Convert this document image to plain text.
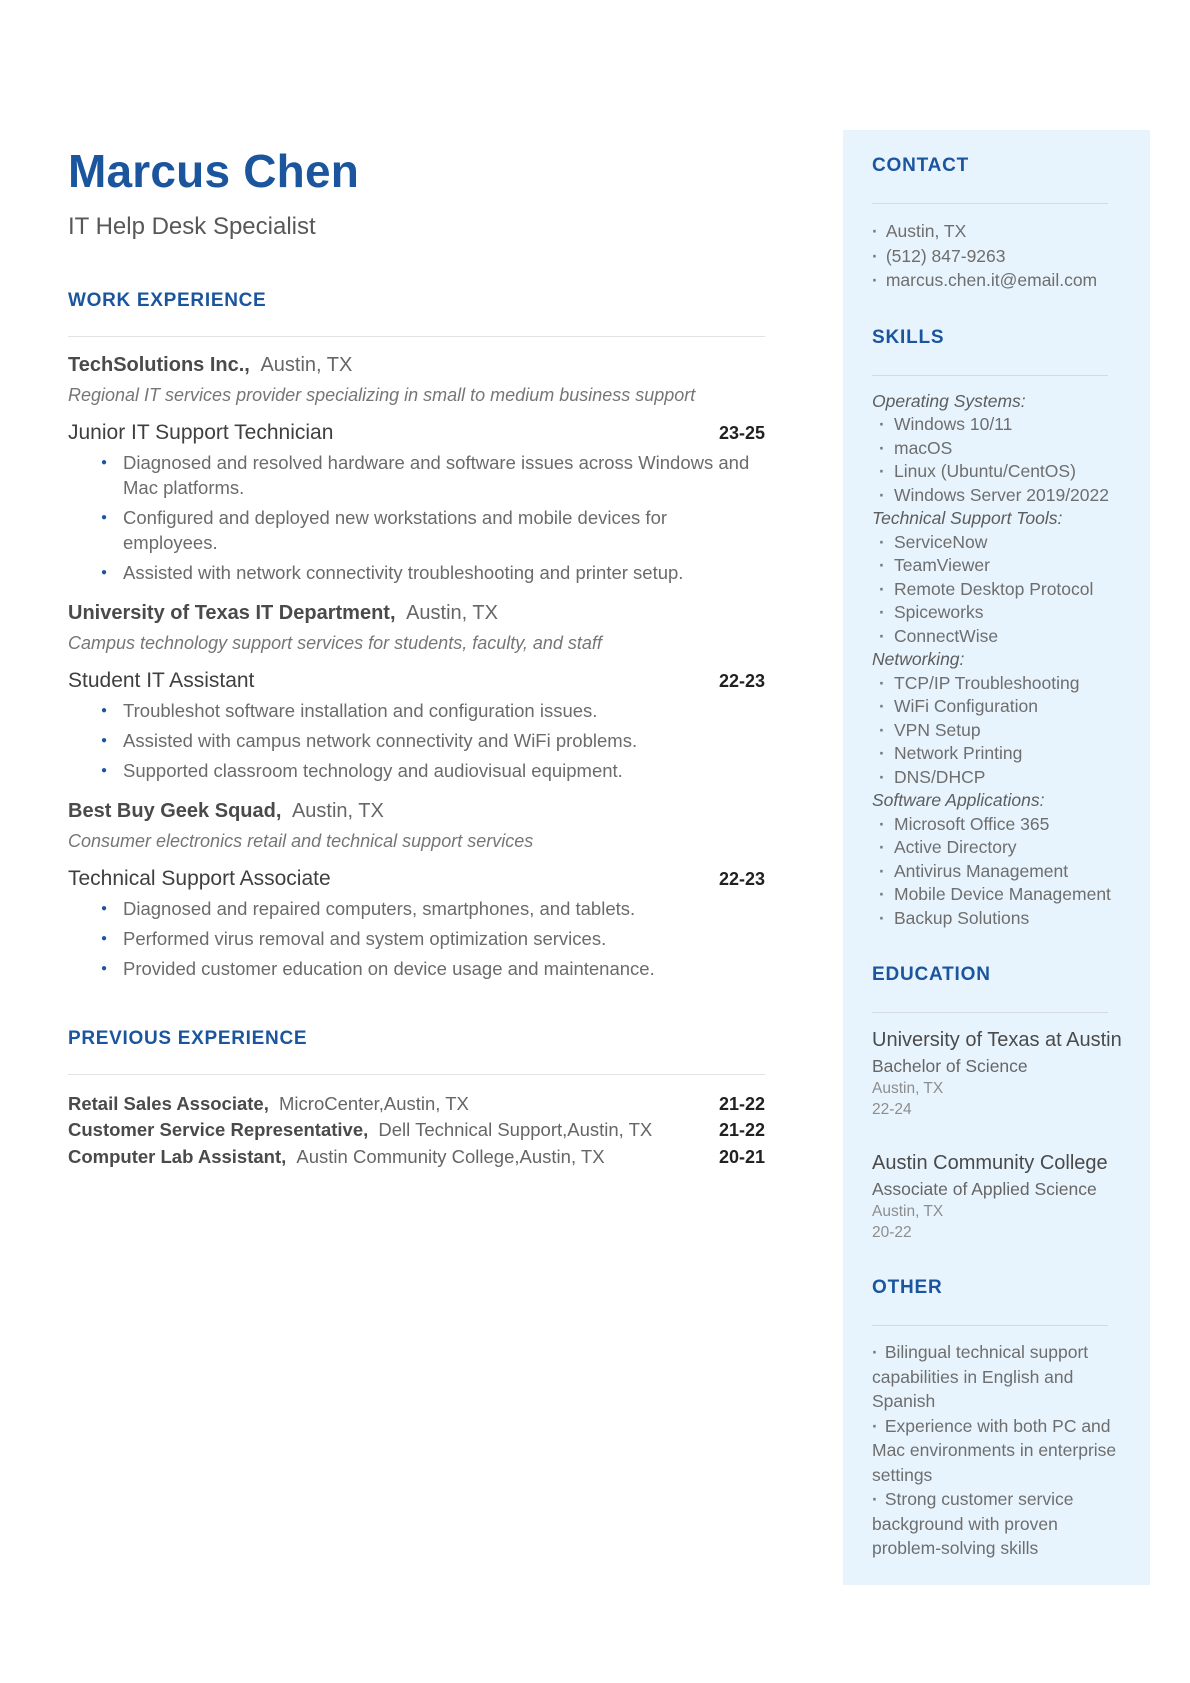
Marcus Chen
IT Help Desk Specialist
WORK EXPERIENCE
TechSolutions Inc., Austin, TX
Regional IT services provider specializing in small to medium business support
Junior IT Support Technician	23-25
● Diagnosed and resolved hardware and software issues across Windows and Mac platforms.
● Configured and deployed new workstations and mobile devices for employees.
● Assisted with network connectivity troubleshooting and printer setup.
University of Texas IT Department, Austin, TX
Campus technology support services for students, faculty, and staff
Student IT Assistant	22-23
● Troubleshot software installation and configuration issues.
● Assisted with campus network connectivity and WiFi problems.
● Supported classroom technology and audiovisual equipment.
Best Buy Geek Squad, Austin, TX
Consumer electronics retail and technical support services
Technical Support Associate	22-23
● Diagnosed and repaired computers, smartphones, and tablets.
● Performed virus removal and system optimization services.
● Provided customer education on device usage and maintenance.
PREVIOUS EXPERIENCE
Retail Sales Associate, MicroCenter,Austin, TX	21-22
Customer Service Representative, Dell Technical Support,Austin, TX	21-22
Computer Lab Assistant, Austin Community College,Austin, TX	20-21
CONTACT
· Austin, TX
· (512) 847-9263
· marcus.chen.it@email.com
SKILLS
Operating Systems:
· Windows 10/11
· macOS
· Linux (Ubuntu/CentOS)
· Windows Server 2019/2022
Technical Support Tools:
· ServiceNow
· TeamViewer
· Remote Desktop Protocol
· Spiceworks
· ConnectWise
Networking:
· TCP/IP Troubleshooting
· WiFi Configuration
· VPN Setup
· Network Printing
· DNS/DHCP
Software Applications:
· Microsoft Office 365
· Active Directory
· Antivirus Management
· Mobile Device Management
· Backup Solutions
EDUCATION
University of Texas at Austin
Bachelor of Science
Austin, TX
22-24
Austin Community College
Associate of Applied Science
Austin, TX
20-22
OTHER
· Bilingual technical support capabilities in English and Spanish
· Experience with both PC and Mac environments in enterprise settings
· Strong customer service background with proven problem-solving skills
